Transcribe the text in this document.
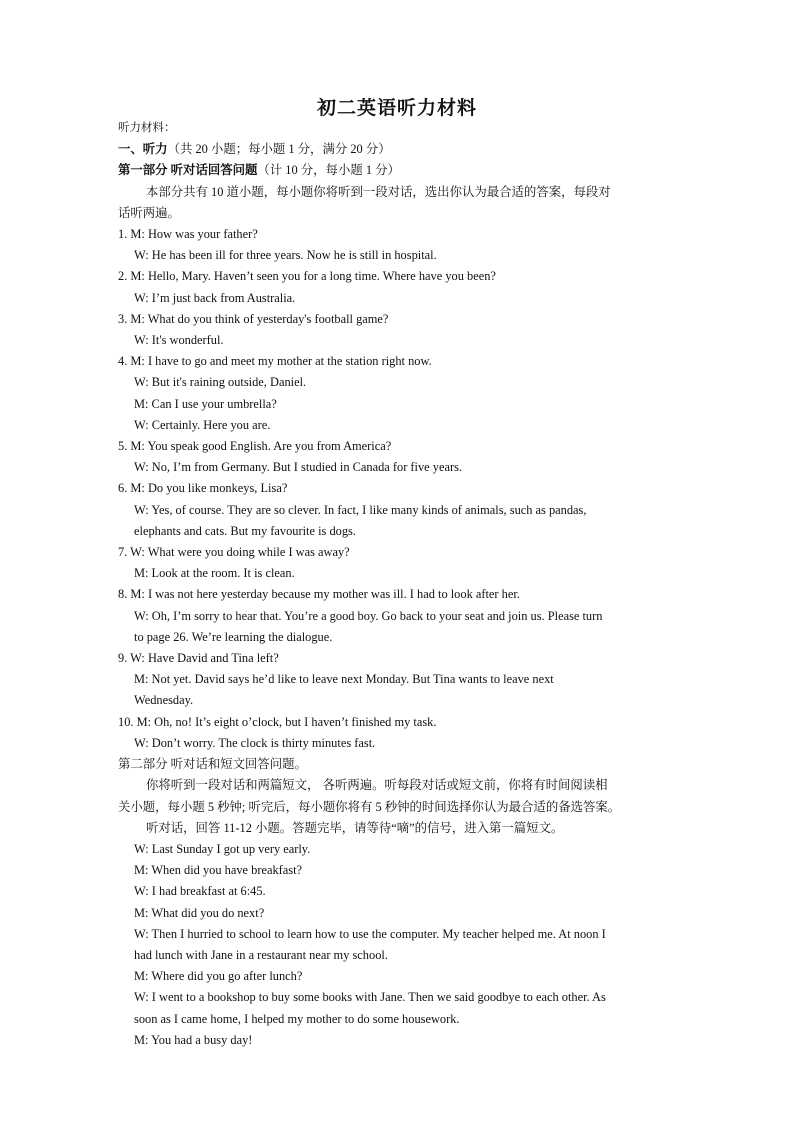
初二英语听力材料
听力材料：
一、听力（共 20 小题；每小题 1 分，满分 20 分）
第一部分 听对话回答问题（计 10 分，每小题 1 分）
本部分共有 10 道小题，每小题你将听到一段对话，选出你认为最合适的答案，每段对
话听两遍。
1. M: How was your father?
W: He has been ill for three years. Now he is still in hospital.
2. M: Hello, Mary. Haven’t seen you for a long time. Where have you been?
W: I’m just back from Australia.
3. M: What do you think of yesterday's football game?
W: It's wonderful.
4. M: I have to go and meet my mother at the station right now.
W: But it's raining outside, Daniel.
M: Can I use your umbrella?
W: Certainly. Here you are.
5. M: You speak good English. Are you from America?
W: No, I’m from Germany. But I studied in Canada for five years.
6. M: Do you like monkeys, Lisa?
W: Yes, of course. They are so clever. In fact, I like many kinds of animals, such as pandas,
elephants and cats. But my favourite is dogs.
7. W: What were you doing while I was away?
M: Look at the room. It is clean.
8. M: I was not here yesterday because my mother was ill. I had to look after her.
W: Oh, I’m sorry to hear that. You’re a good boy. Go back to your seat and join us. Please turn
to page 26. We’re learning the dialogue.
9. W: Have David and Tina left?
M: Not yet. David says he’d like to leave next Monday. But Tina wants to leave next
Wednesday.
10. M: Oh, no! It’s eight o’clock, but I haven’t finished my task.
W: Don’t worry. The clock is thirty minutes fast.
第二部分 听对话和短文回答问题。
你将听到一段对话和两篇短文， 各听两遍。听每段对话或短文前，你将有时间阅读相
关小题，每小题 5 秒钟; 听完后，每小题你将有 5 秒钟的时间选择你认为最合适的备选答案。
听对话，回答 11-12 小题。答题完毕，请等待“嘀”的信号，进入第一篇短文。
W: Last Sunday I got up very early.
M: When did you have breakfast?
W: I had breakfast at 6:45.
M: What did you do next?
W: Then I hurried to school to learn how to use the computer. My teacher helped me. At noon I
had lunch with Jane in a restaurant near my school.
M: Where did you go after lunch?
W: I went to a bookshop to buy some books with Jane. Then we said goodbye to each other. As
soon as I came home, I helped my mother to do some housework.
M: You had a busy day!
